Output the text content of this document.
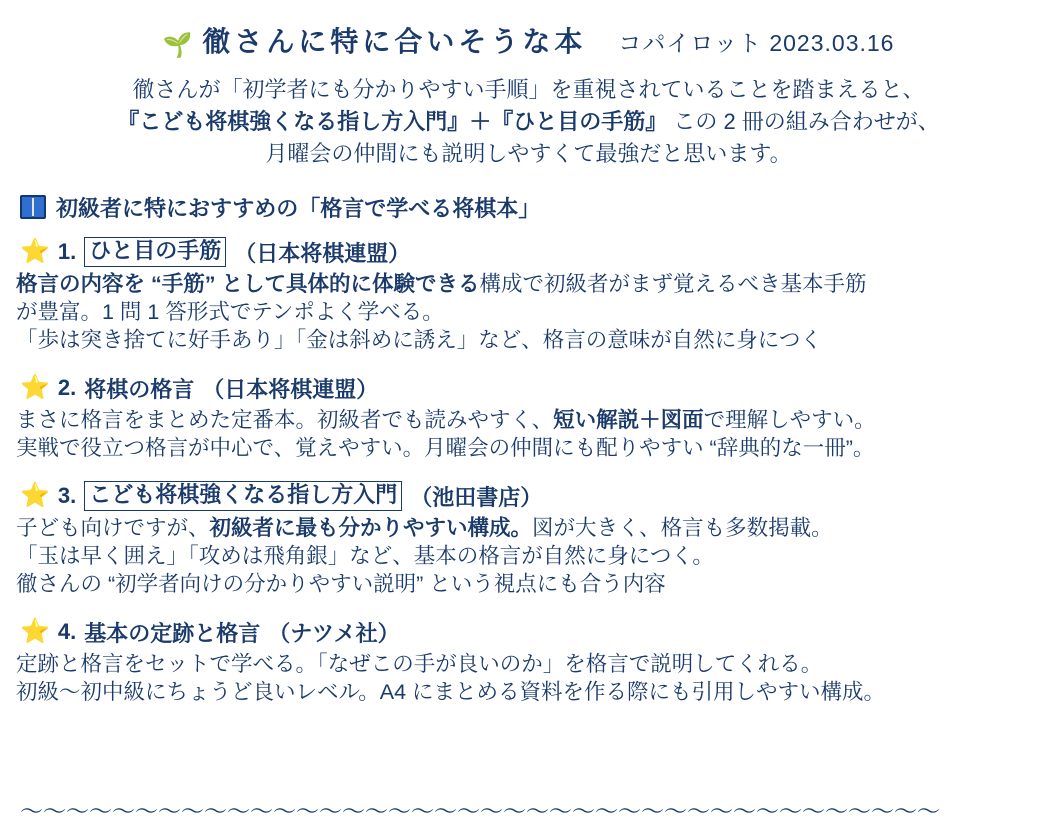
🌱 徹さんに特に合いそうな本 コパイロット 2023.03.16
徹さんが「初学者にも分かりやすい手順」を重視されていることを踏まえると、
『こども将棋強くなる指し方入門』＋『ひと目の手筋』 この 2 冊の組み合わせが、
月曜会の仲間にも説明しやすくて最強だと思います。
初級者に特におすすめの「格言で学べる将棋本」
⭐ 1. ひと目の手筋 （日本将棋連盟）
格言の内容を “手筋” として具体的に体験できる構成で初級者がまず覚えるべき基本手筋
が豊富。1 問 1 答形式でテンポよく学べる。
「歩は突き捨てに好手あり」「金は斜めに誘え」など、格言の意味が自然に身につく
⭐ 2. 将棋の格言 （日本将棋連盟）
まさに格言をまとめた定番本。初級者でも読みやすく、短い解説＋図面で理解しやすい。
実戦で役立つ格言が中心で、覚えやすい。月曜会の仲間にも配りやすい “辞典的な一冊”。
⭐ 3. こども将棋強くなる指し方入門 （池田書店）
子ども向けですが、初級者に最も分かりやすい構成。図が大きく、格言も多数掲載。
「玉は早く囲え」「攻めは飛角銀」など、基本の格言が自然に身につく。
徹さんの “初学者向けの分かりやすい説明” という視点にも合う内容
⭐ 4. 基本の定跡と格言 （ナツメ社）
定跡と格言をセットで学べる。「なぜこの手が良いのか」を格言で説明してくれる。
初級～初中級にちょうど良いレベル。A4 にまとめる資料を作る際にも引用しやすい構成。
〜〜〜〜〜〜〜〜〜〜〜〜〜〜〜〜〜〜〜〜〜〜〜〜〜〜〜〜〜〜〜〜〜〜〜〜〜〜〜〜
